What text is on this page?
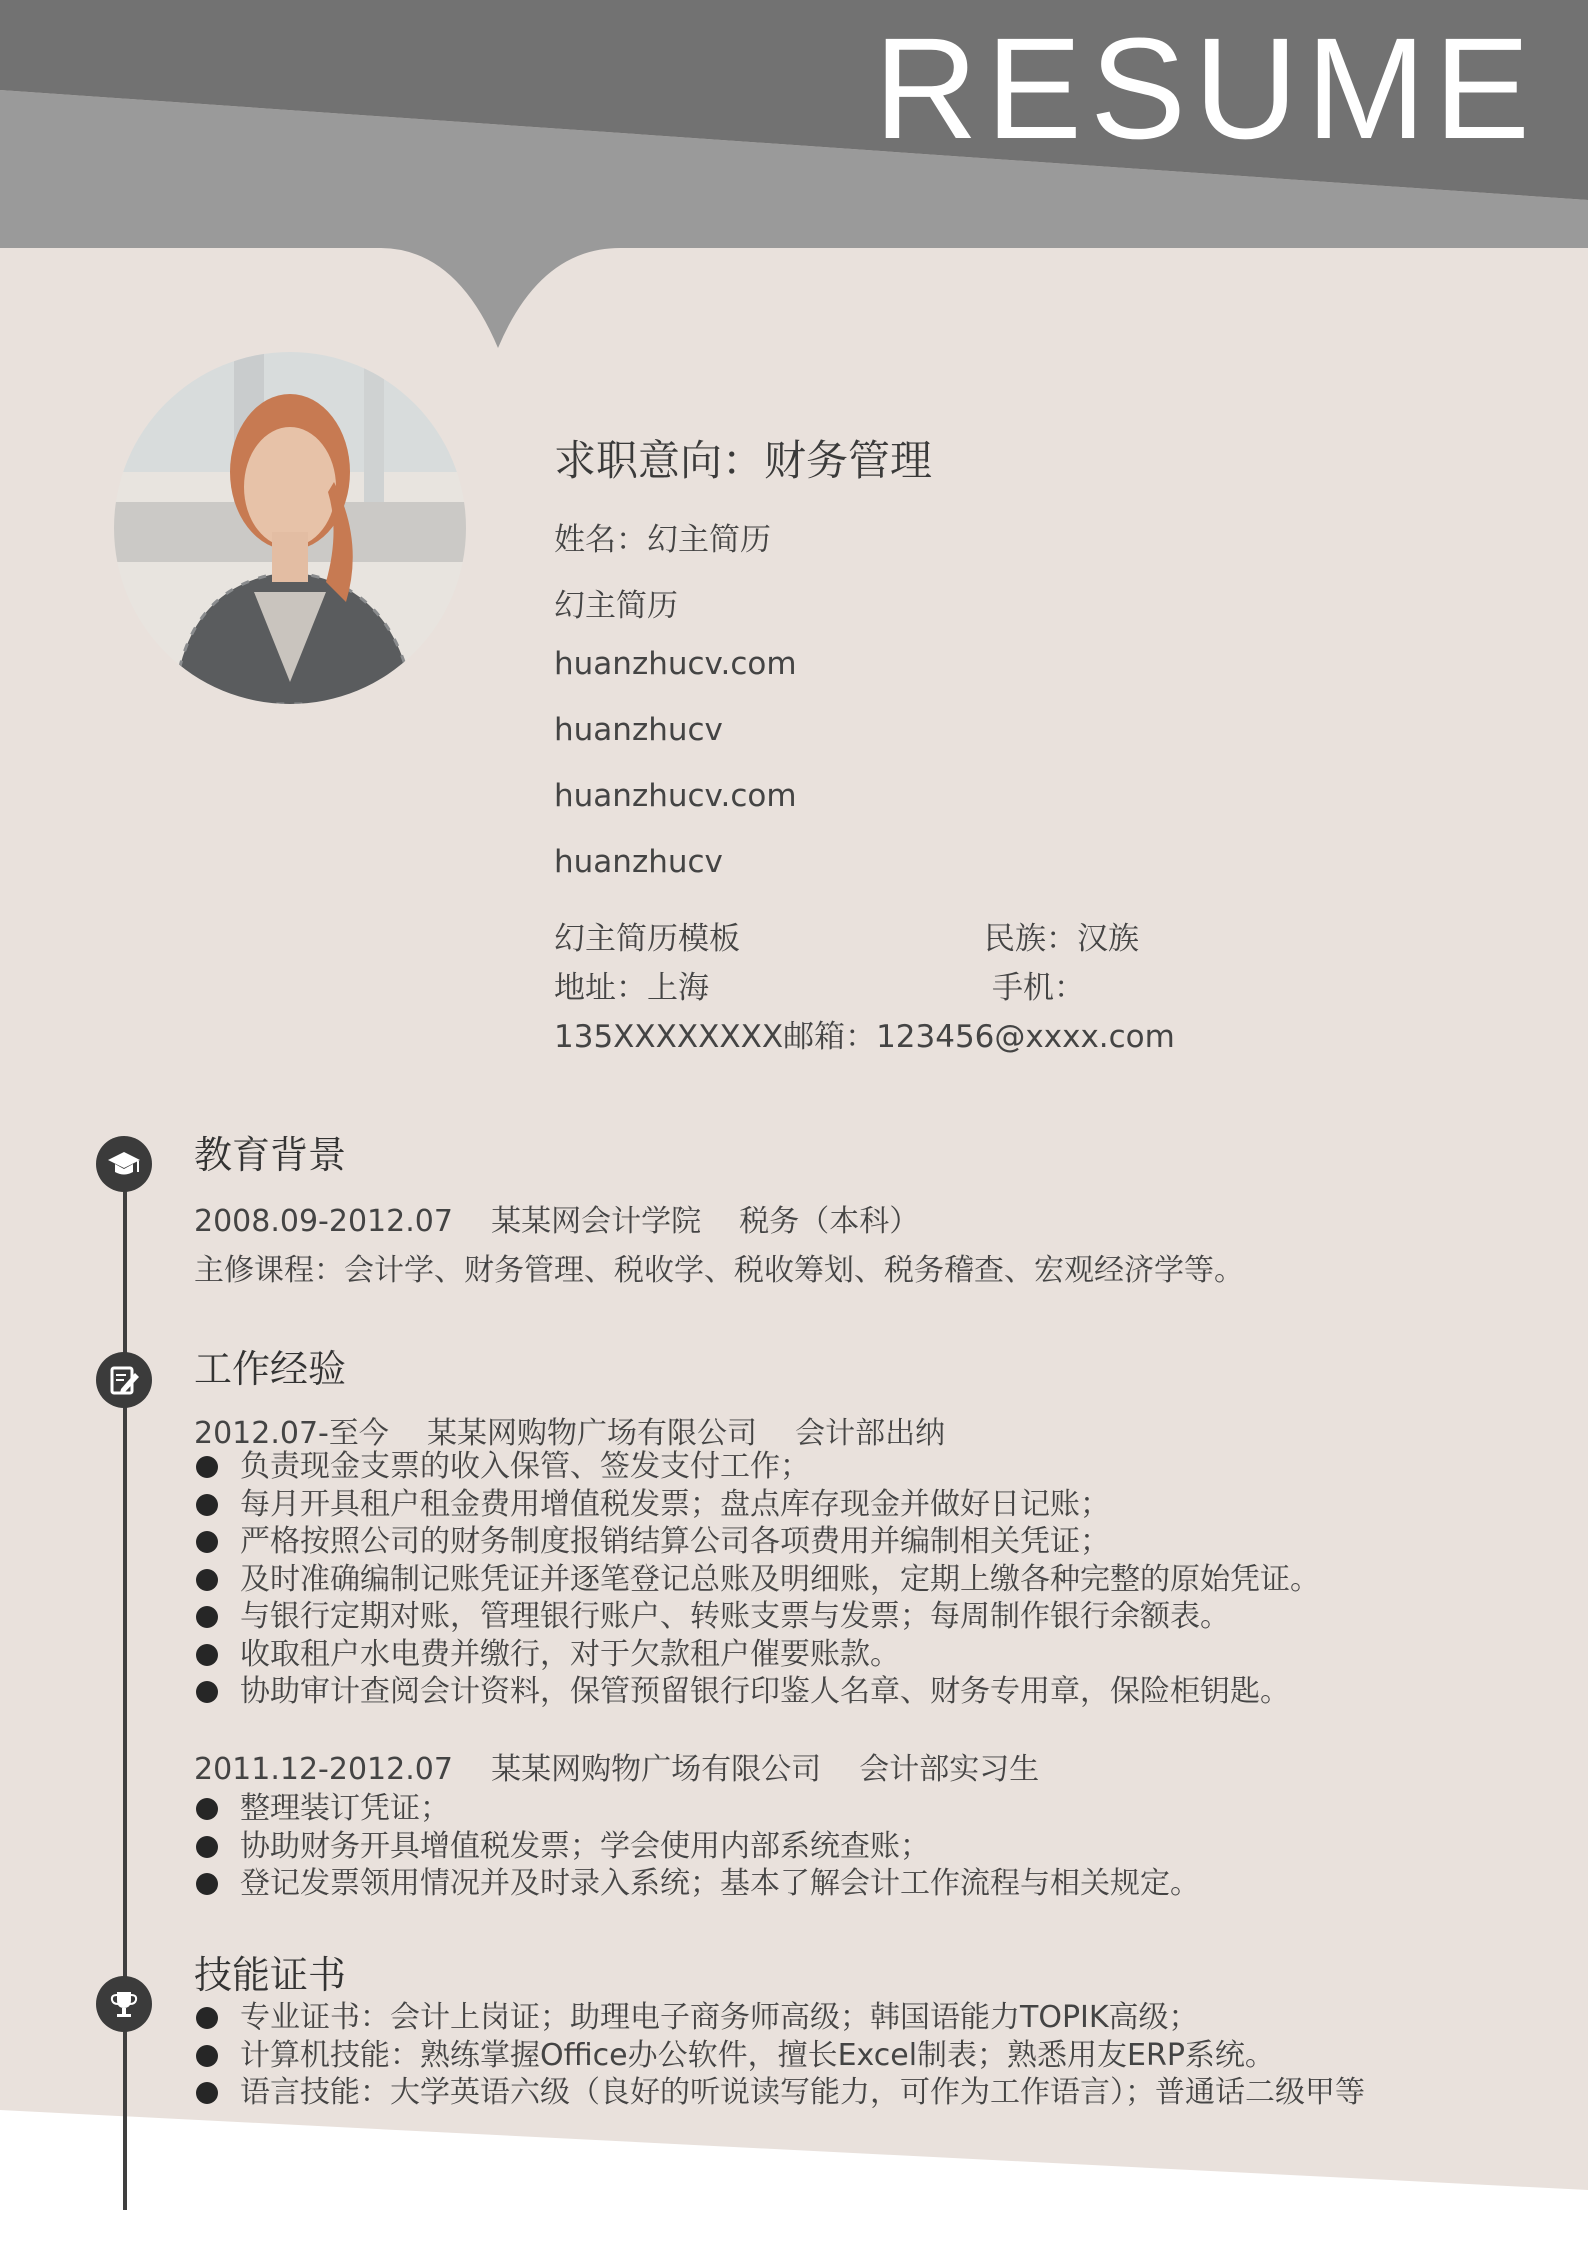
RESUME
求职意向：财务管理
姓名：幻主简历
幻主简历
huanzhucv.com
huanzhucv
huanzhucv.com
huanzhucv
幻主简历模板	民族：汉族
地址：上海	手机：
135XXXXXXXX邮箱：123456@xxxx.com
教育背景
2008.09-2012.07    某某网会计学院    税务（本科）
主修课程：会计学、财务管理、税收学、税收筹划、税务稽查、宏观经济学等。
工作经验
2012.07-至今    某某网购物广场有限公司    会计部出纳
负责现金支票的收入保管、签发支付工作；
每月开具租户租金费用增值税发票；盘点库存现金并做好日记账；
严格按照公司的财务制度报销结算公司各项费用并编制相关凭证；
及时准确编制记账凭证并逐笔登记总账及明细账，定期上缴各种完整的原始凭证。
与银行定期对账，管理银行账户、转账支票与发票；每周制作银行余额表。
收取租户水电费并缴行，对于欠款租户催要账款。
协助审计查阅会计资料，保管预留银行印鉴人名章、财务专用章，保险柜钥匙。
2011.12-2012.07    某某网购物广场有限公司    会计部实习生
整理装订凭证；
协助财务开具增值税发票；学会使用内部系统查账；
登记发票领用情况并及时录入系统；基本了解会计工作流程与相关规定。
技能证书
专业证书：会计上岗证；助理电子商务师高级；韩国语能力TOPIK高级；
计算机技能：熟练掌握Office办公软件，擅长Excel制表；熟悉用友ERP系统。
语言技能：大学英语六级（良好的听说读写能力，可作为工作语言）；普通话二级甲等
